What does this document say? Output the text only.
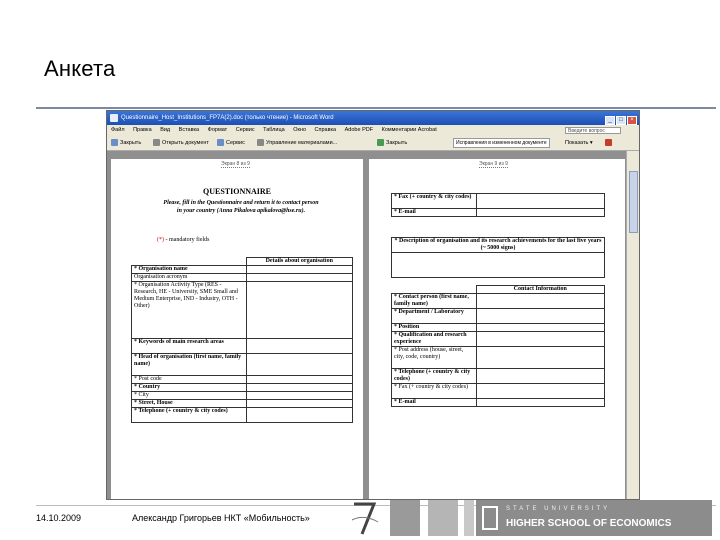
Анкета
Questionnaire_Host_Institutions_FP7A(2).doc (только чтение) - Microsoft Word	_ □ ×
Файл Правка Вид Вставка Формат Сервис Таблица Окно Справка Adobe PDF Комментарии Acrobat	Введите вопрос
Закрыть	Открыть документ	Сервис	Управление материалами...	Закрыть	Исправления в измененном документе	Показать ▾
Экран 8 из 9
QUESTIONNAIRE
Please, fill in the Questionnaire and return it to contact person in your country (Anna Pikalova apikalova@hse.ru).
(*) - mandatory fields
	Details about organisation
* Organisation name	
Organisation acronym	
* Organisation Activity Type (RES - Research, HE - University, SME Small and Medium Enterprise, IND - Industry, OTH - Other)	
* Keywords of main research areas	
* Head of organisation (first name, family name)	
* Post code	
* Country	
* City	
* Street, House	
* Telephone (+ country & city codes)	
Экран 9 из 9
* Fax (+ country & city codes)	
* E-mail	
* Description of organisation and its research achievements for the last five years (~ 5000 signs)

	Contact Information
* Contact person (first name, family name)	
* Department / Laboratory	
* Position	
* Qualification and research experience	
* Post address (house, street, city, code, country)	
* Telephone (+ country & city codes)	
* Fax (+ country & city codes)	
* E-mail	
14.10.2009	Александр Григорьев НКТ «Мобильность»
STATE UNIVERSITY
HIGHER SCHOOL OF ECONOMICS
